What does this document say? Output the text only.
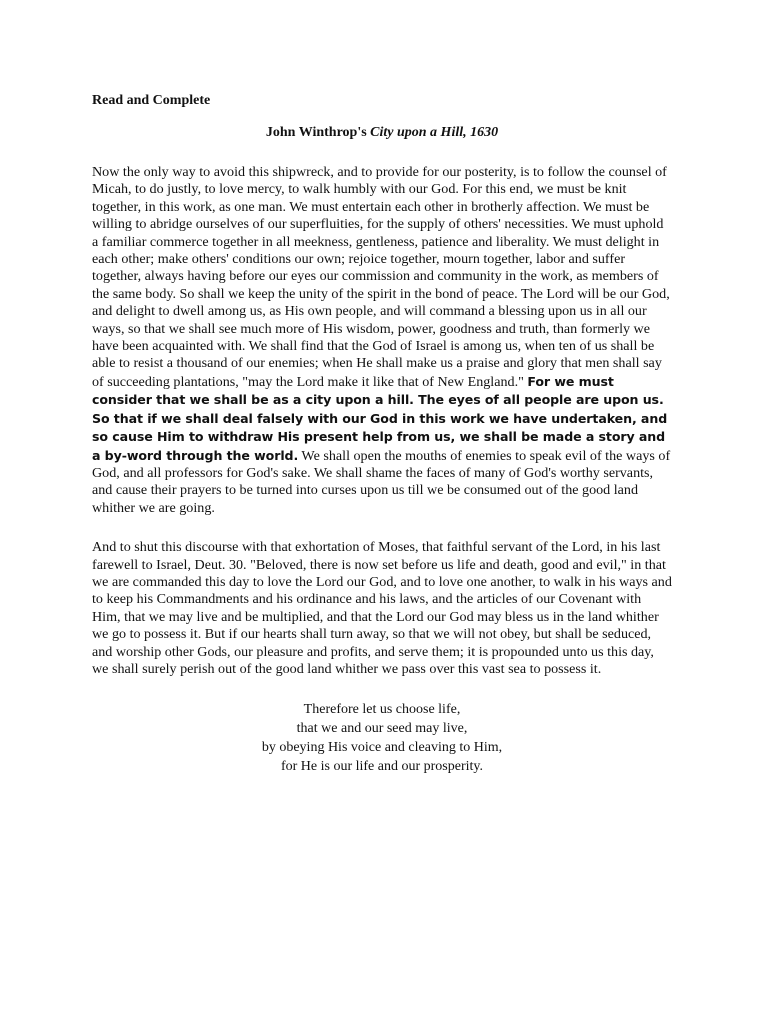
Read and Complete
John Winthrop's City upon a Hill, 1630
Now the only way to avoid this shipwreck, and to provide for our posterity, is to follow the counsel of Micah, to do justly, to love mercy, to walk humbly with our God. For this end, we must be knit together, in this work, as one man. We must entertain each other in brotherly affection. We must be willing to abridge ourselves of our superfluities, for the supply of others' necessities. We must uphold a familiar commerce together in all meekness, gentleness, patience and liberality. We must delight in each other; make others' conditions our own; rejoice together, mourn together, labor and suffer together, always having before our eyes our commission and community in the work, as members of the same body. So shall we keep the unity of the spirit in the bond of peace. The Lord will be our God, and delight to dwell among us, as His own people, and will command a blessing upon us in all our ways, so that we shall see much more of His wisdom, power, goodness and truth, than formerly we have been acquainted with. We shall find that the God of Israel is among us, when ten of us shall be able to resist a thousand of our enemies; when He shall make us a praise and glory that men shall say of succeeding plantations, "may the Lord make it like that of New England." For we must consider that we shall be as a city upon a hill. The eyes of all people are upon us. So that if we shall deal falsely with our God in this work we have undertaken, and so cause Him to withdraw His present help from us, we shall be made a story and a by-word through the world. We shall open the mouths of enemies to speak evil of the ways of God, and all professors for God's sake. We shall shame the faces of many of God's worthy servants, and cause their prayers to be turned into curses upon us till we be consumed out of the good land whither we are going.
And to shut this discourse with that exhortation of Moses, that faithful servant of the Lord, in his last farewell to Israel, Deut. 30. "Beloved, there is now set before us life and death, good and evil," in that we are commanded this day to love the Lord our God, and to love one another, to walk in his ways and to keep his Commandments and his ordinance and his laws, and the articles of our Covenant with Him, that we may live and be multiplied, and that the Lord our God may bless us in the land whither we go to possess it. But if our hearts shall turn away, so that we will not obey, but shall be seduced, and worship other Gods, our pleasure and profits, and serve them; it is propounded unto us this day, we shall surely perish out of the good land whither we pass over this vast sea to possess it.
Therefore let us choose life,
that we and our seed may live,
by obeying His voice and cleaving to Him,
for He is our life and our prosperity.
